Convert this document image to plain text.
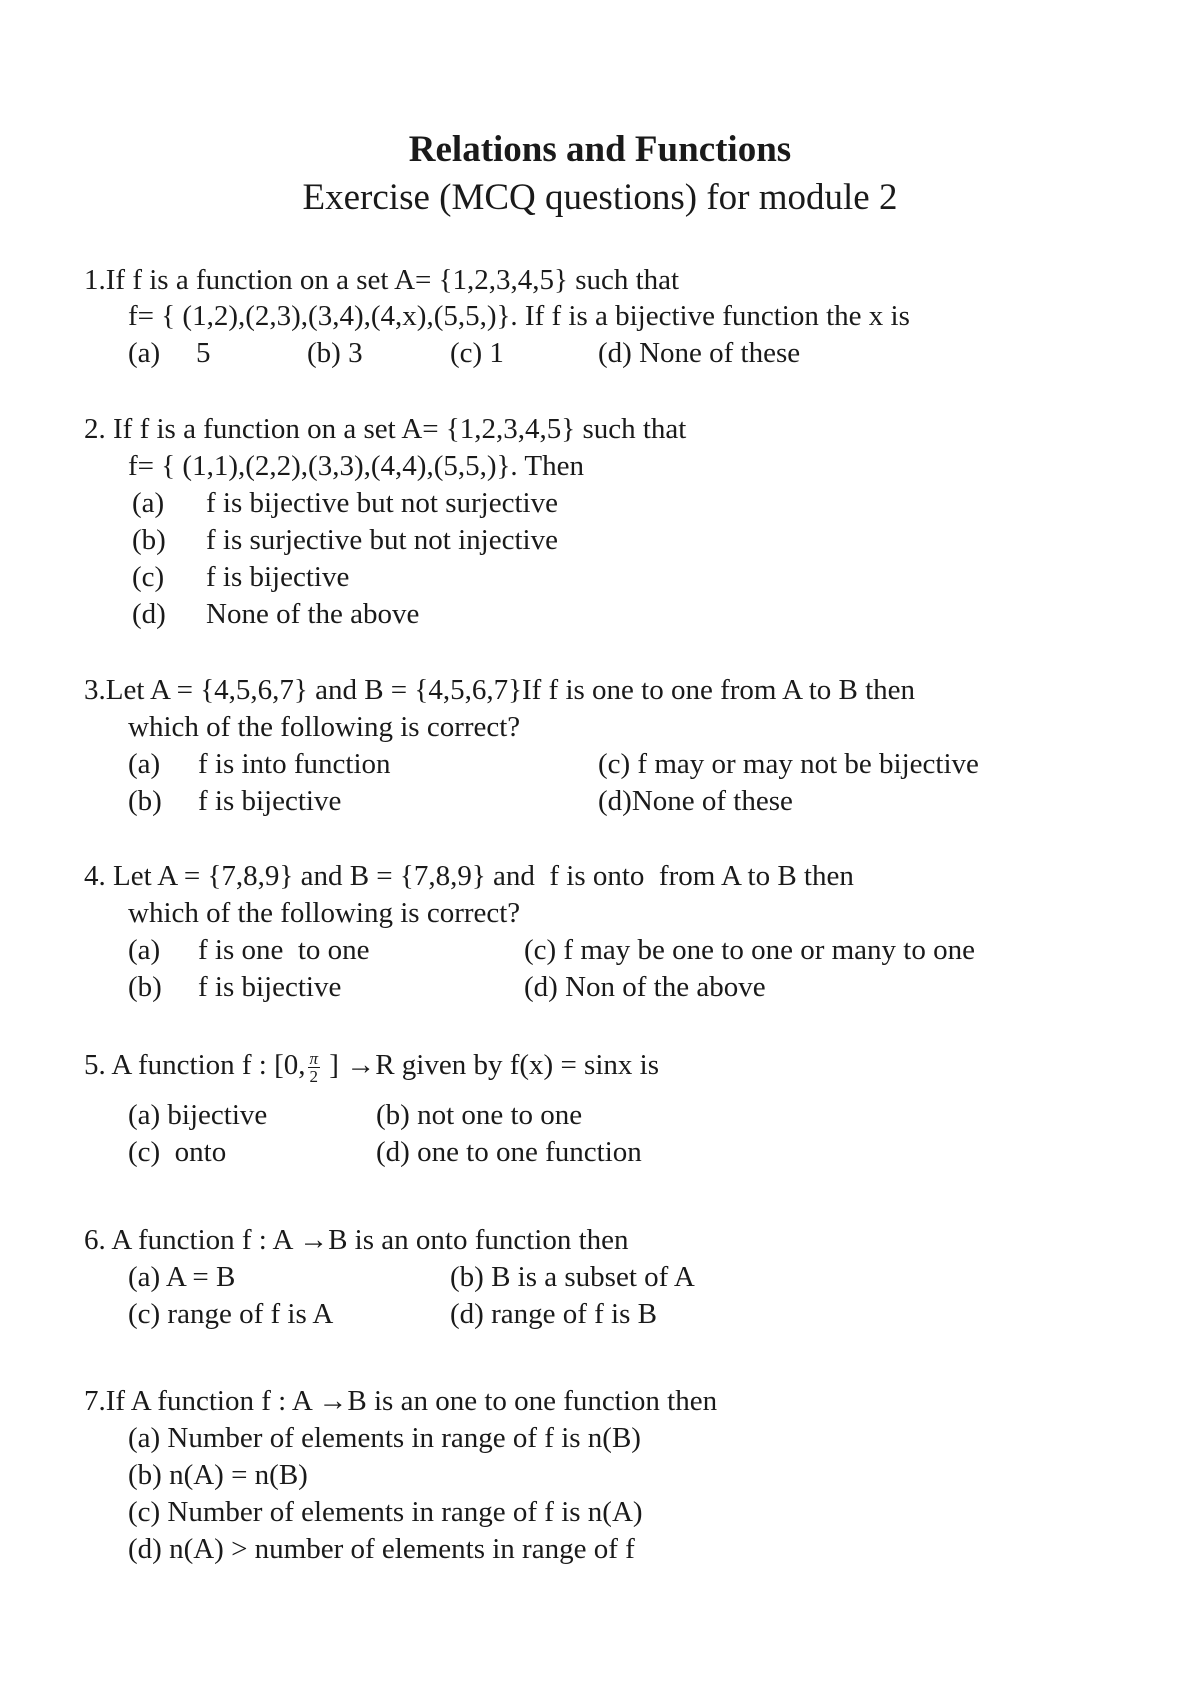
Relations and Functions
Exercise (MCQ questions) for module 2
1.If f is a function on a set A= {1,2,3,4,5} such that
f= { (1,2),(2,3),(3,4),(4,x),(5,5,)}. If f is a bijective function the x is
(a) 5	(b) 3	(c) 1	(d) None of these
2. If f is a function on a set A= {1,2,3,4,5} such that
f= { (1,1),(2,2),(3,3),(4,4),(5,5,)}. Then
(a) f is bijective but not surjective
(b) f is surjective but not injective
(c) f is bijective
(d) None of the above
3.Let A = {4,5,6,7} and B = {4,5,6,7}If f is one to one from A to B then
which of the following is correct?
(a) f is into function	(c) f may or may not be bijective
(b) f is bijective	(d)None of these
4. Let A = {7,8,9} and B = {7,8,9} and  f is onto  from A to B then
which of the following is correct?
(a) f is one  to one	(c) f may be one to one or many to one
(b) f is bijective	(d) Non of the above
5. A function f : [0, $\frac{\pi}{2}$ ] →R given by f(x) = sinx is
(a) bijective	(b) not one to one
(c)  onto	(d) one to one function
6. A function f : A →B is an onto function then
(a) A = B	(b) B is a subset of A
(c) range of f is A	(d) range of f is B
7.If A function f : A →B is an one to one function then
(a) Number of elements in range of f is n(B)
(b) n(A) = n(B)
(c) Number of elements in range of f is n(A)
(d) n(A) > number of elements in range of f
